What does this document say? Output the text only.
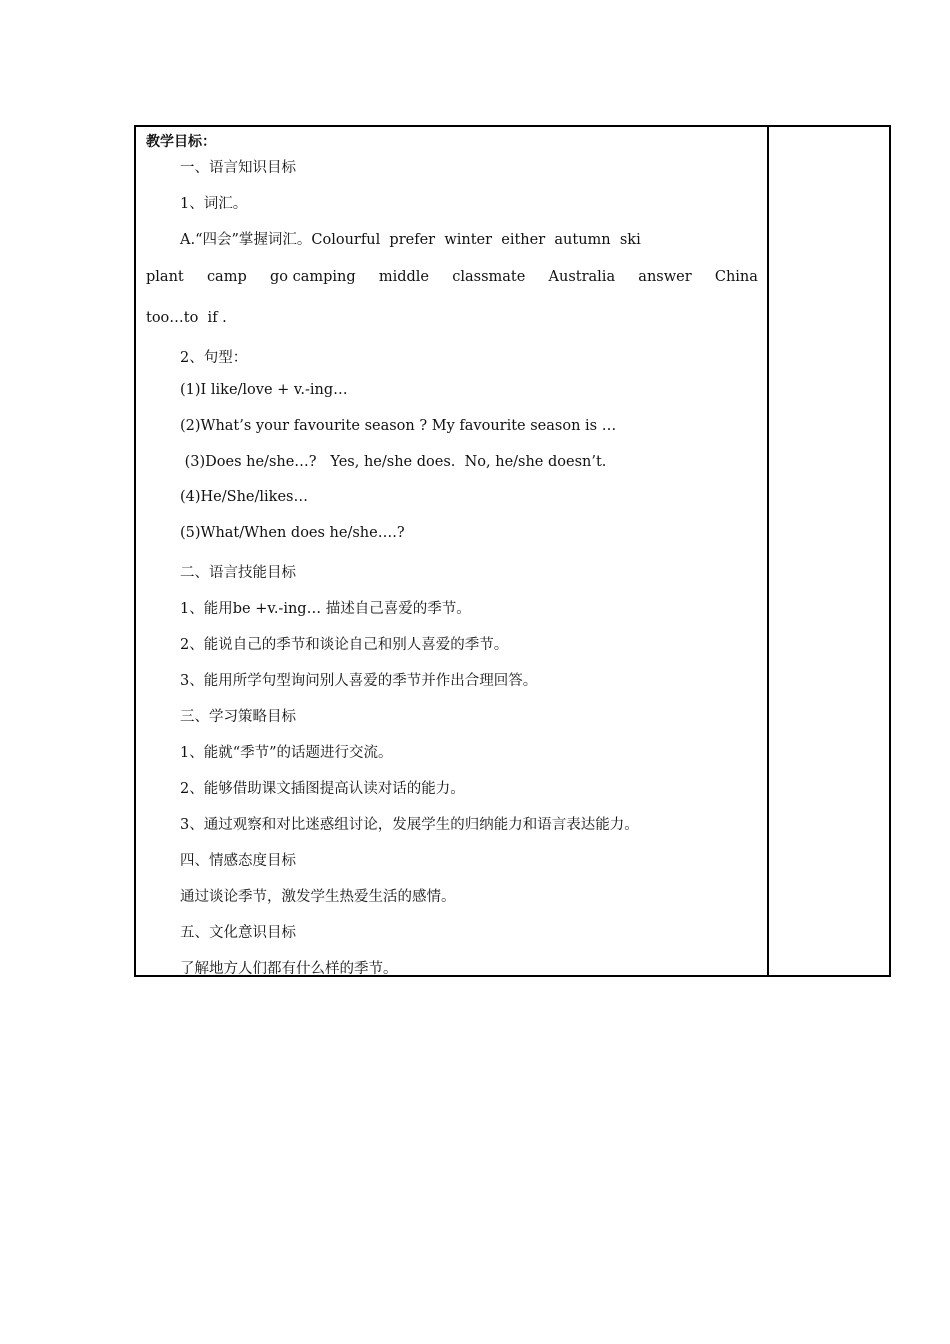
教学目标：
一、语言知识目标
1、词汇。
A.“四会”掌握词汇。Colourful  prefer  winter  either  autumn  ski
plant camp go camping middle classmate Australia answer China
too…to  if .
2、句型：
(1)I like/love + v.-ing…
(2)What’s your favourite season ? My favourite season is …
(3)Does he/she…?   Yes, he/she does.  No, he/she doesn’t.
(4)He/She/likes…
(5)What/When does he/she….?
二、语言技能目标
1、能用be +v.-ing… 描述自己喜爱的季节。
2、能说自己的季节和谈论自己和别人喜爱的季节。
3、能用所学句型询问别人喜爱的季节并作出合理回答。
三、学习策略目标
1、能就“季节”的话题进行交流。
2、能够借助课文插图提高认读对话的能力。
3、通过观察和对比迷惑组讨论，发展学生的归纳能力和语言表达能力。
四、情感态度目标
通过谈论季节，激发学生热爱生活的感情。
五、文化意识目标
了解地方人们都有什么样的季节。
